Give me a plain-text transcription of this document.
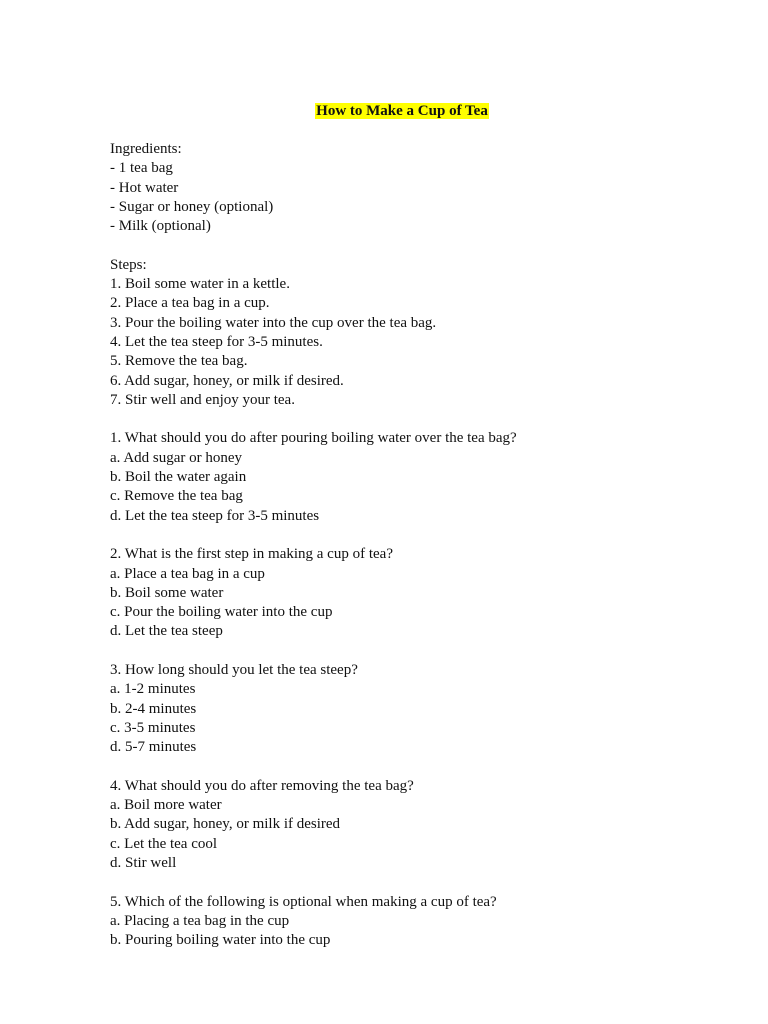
How to Make a Cup of Tea
Ingredients:
- 1 tea bag
- Hot water
- Sugar or honey (optional)
- Milk (optional)
Steps:
1. Boil some water in a kettle.
2. Place a tea bag in a cup.
3. Pour the boiling water into the cup over the tea bag.
4. Let the tea steep for 3-5 minutes.
5. Remove the tea bag.
6. Add sugar, honey, or milk if desired.
7. Stir well and enjoy your tea.
1. What should you do after pouring boiling water over the tea bag?
a. Add sugar or honey
b. Boil the water again
c. Remove the tea bag
d. Let the tea steep for 3-5 minutes
2. What is the first step in making a cup of tea?
a. Place a tea bag in a cup
b. Boil some water
c. Pour the boiling water into the cup
d. Let the tea steep
3. How long should you let the tea steep?
a. 1-2 minutes
b. 2-4 minutes
c. 3-5 minutes
d. 5-7 minutes
4. What should you do after removing the tea bag?
a. Boil more water
b. Add sugar, honey, or milk if desired
c. Let the tea cool
d. Stir well
5. Which of the following is optional when making a cup of tea?
a. Placing a tea bag in the cup
b. Pouring boiling water into the cup
